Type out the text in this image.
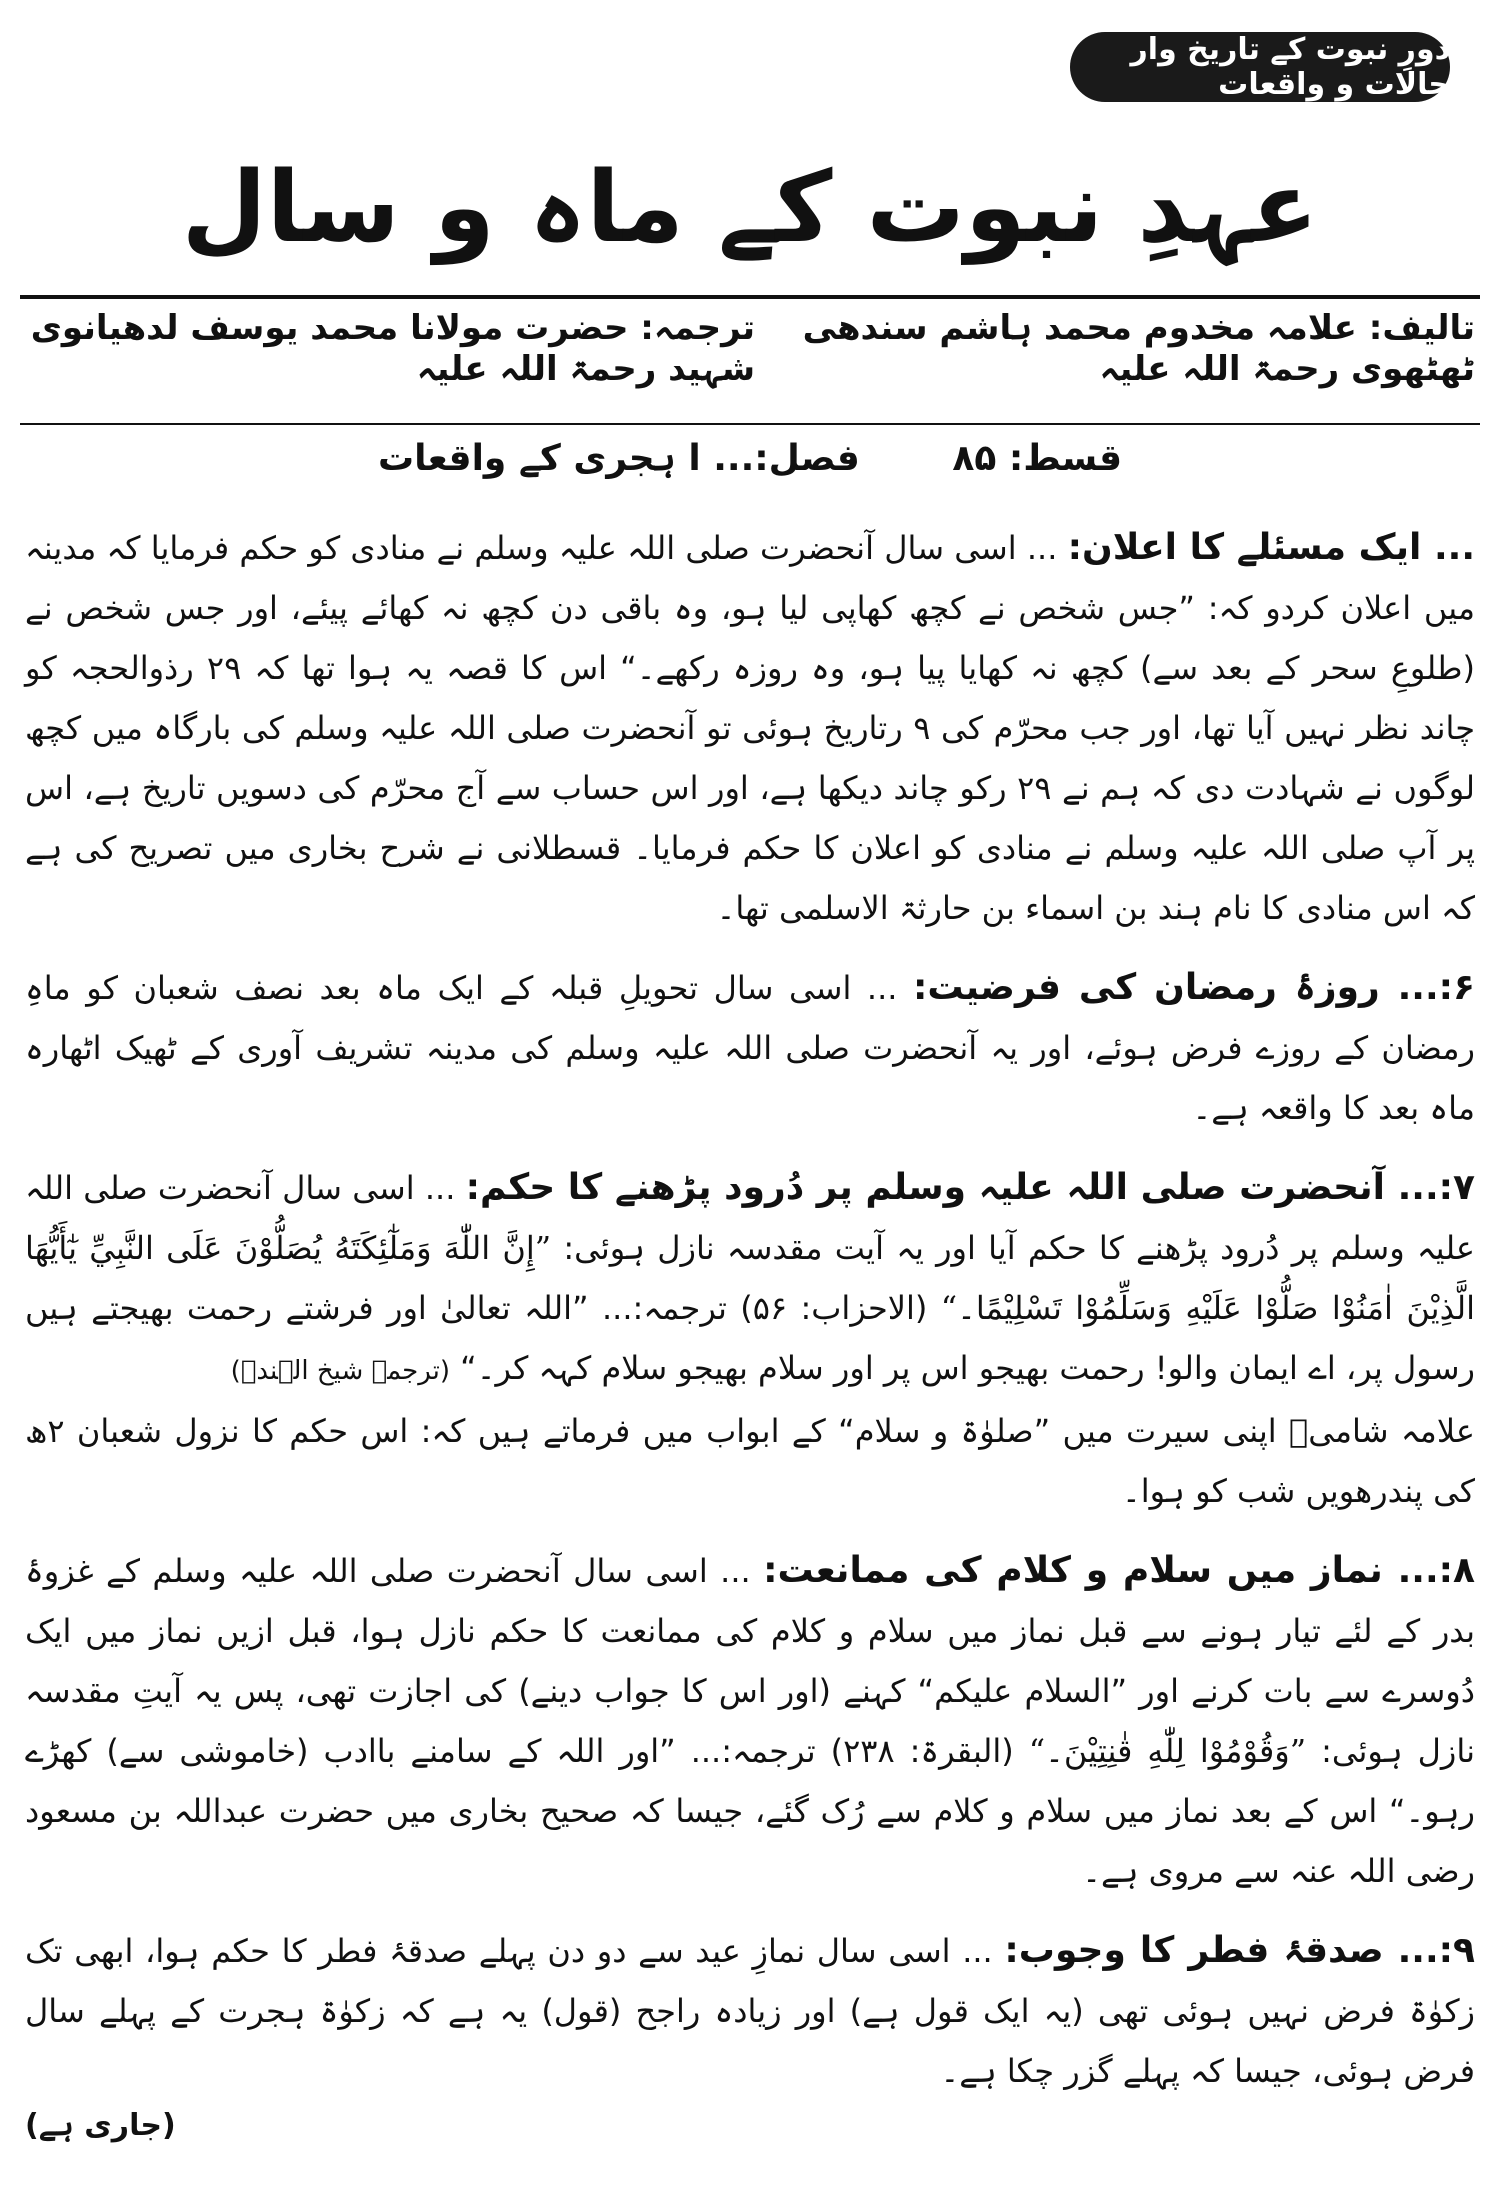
دورِ نبوت کے تاریخ وار حالات و واقعات
عہدِ نبوت کے ماہ و سال
تالیف: علامہ مخدوم محمد ہاشم سندھی ٹھٹھوی رحمۃ اللہ علیہ
ترجمہ: حضرت مولانا محمد یوسف لدھیانوی شہید رحمۃ اللہ علیہ
قسط: ۸۵ فصل:... ا ہجری کے واقعات

... ایک مسئلے کا اعلان: ... اسی سال آنحضرت صلی اللہ علیہ وسلم نے منادی کو حکم فرمایا کہ مدینہ میں اعلان کردو کہ: ”جس شخص نے کچھ کھاپی لیا ہو، وہ باقی دن کچھ نہ کھائے پیئے، اور جس شخص نے (طلوعِ سحر کے بعد سے) کچھ نہ کھایا پیا ہو، وہ روزہ رکھے۔“ اس کا قصہ یہ ہوا تھا کہ ۲۹ رذوالحجہ کو چاند نظر نہیں آیا تھا، اور جب محرّم کی ۹ رتاریخ ہوئی تو آنحضرت صلی اللہ علیہ وسلم کی بارگاہ میں کچھ لوگوں نے شہادت دی کہ ہم نے ۲۹ رکو چاند دیکھا ہے، اور اس حساب سے آج محرّم کی دسویں تاریخ ہے، اس پر آپ صلی اللہ علیہ وسلم نے منادی کو اعلان کا حکم فرمایا۔ قسطلانی نے شرح بخاری میں تصریح کی ہے کہ اس منادی کا نام ہند بن اسماء بن حارثۃ الاسلمی تھا۔

۶:... روزۂ رمضان کی فرضیت: ... اسی سال تحویلِ قبلہ کے ایک ماہ بعد نصف شعبان کو ماہِ رمضان کے روزے فرض ہوئے، اور یہ آنحضرت صلی اللہ علیہ وسلم کی مدینہ تشریف آوری کے ٹھیک اٹھارہ ماہ بعد کا واقعہ ہے۔

۷:... آنحضرت صلی اللہ علیہ وسلم پر دُرود پڑھنے کا حکم: ... اسی سال آنحضرت صلی اللہ علیہ وسلم پر دُرود پڑھنے کا حکم آیا اور یہ آیت مقدسہ نازل ہوئی: ”إِنَّ اللّٰهَ وَمَلٰٓئِكَتَهُ يُصَلُّوْنَ عَلَى النَّبِيِّ يٰٓأَيُّهَا الَّذِيْنَ اٰمَنُوْا صَلُّوْا عَلَيْهِ وَسَلِّمُوْا تَسْلِيْمًا۔“ (الاحزاب: ۵۶) ترجمہ:... ”اللہ تعالیٰ اور فرشتے رحمت بھیجتے ہیں رسول پر، اے ایمان والو! رحمت بھیجو اس پر اور سلام بھیجو سلام کہہ کر۔“ (ترجمہ شیخ الہندؒ)
علامہ شامیؒ اپنی سیرت میں ”صلوٰۃ و سلام“ کے ابواب میں فرماتے ہیں کہ: اس حکم کا نزول شعبان ۲ھ کی پندرھویں شب کو ہوا۔

۸:... نماز میں سلام و کلام کی ممانعت: ... اسی سال آنحضرت صلی اللہ علیہ وسلم کے غزوۂ بدر کے لئے تیار ہونے سے قبل نماز میں سلام و کلام کی ممانعت کا حکم نازل ہوا، قبل ازیں نماز میں ایک دُوسرے سے بات کرنے اور ”السلام علیکم“ کہنے (اور اس کا جواب دینے) کی اجازت تھی، پس یہ آیتِ مقدسہ نازل ہوئی: ”وَقُوْمُوْا لِلّٰهِ قٰنِتِيْنَ۔“ (البقرۃ: ۲۳۸) ترجمہ:... ”اور اللہ کے سامنے باادب (خاموشی سے) کھڑے رہو۔“ اس کے بعد نماز میں سلام و کلام سے رُک گئے، جیسا کہ صحیح بخاری میں حضرت عبداللہ بن مسعود رضی اللہ عنہ سے مروی ہے۔

۹:... صدقۂ فطر کا وجوب: ... اسی سال نمازِ عید سے دو دن پہلے صدقۂ فطر کا حکم ہوا، ابھی تک زکوٰۃ فرض نہیں ہوئی تھی (یہ ایک قول ہے) اور زیادہ راجح (قول) یہ ہے کہ زکوٰۃ ہجرت کے پہلے سال فرض ہوئی، جیسا کہ پہلے گزر چکا ہے۔

(جاری ہے)
